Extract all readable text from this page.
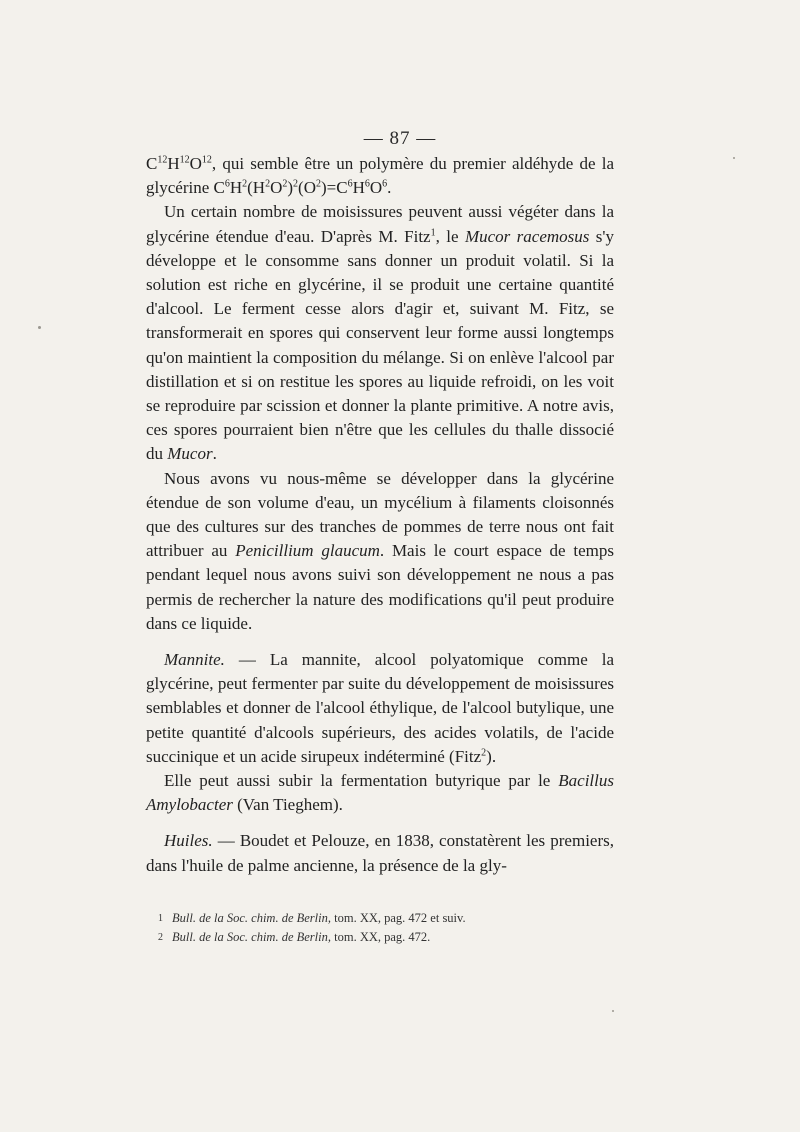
— 87 —

$C^{12}H^{12}O^{12}$, qui semble être un polymère du premier aldéhyde de la glycérine $C^6H^2(H^2O^2)^2(O^2)=C^6H^6O^6$.

Un certain nombre de moisissures peuvent aussi végéter dans la glycérine étendue d'eau. D'après M. Fitz$^1$, le Mucor racemosus s'y développe et le consomme sans donner un produit volatil. Si la solution est riche en glycérine, il se produit une certaine quantité d'alcool. Le ferment cesse alors d'agir et, suivant M. Fitz, se transformerait en spores qui conservent leur forme aussi longtemps qu'on maintient la composition du mélange. Si on enlève l'alcool par distillation et si on restitue les spores au liquide refroidi, on les voit se reproduire par scission et donner la plante primitive. A notre avis, ces spores pourraient bien n'être que les cellules du thalle dissocié du Mucor.

Nous avons vu nous-même se développer dans la glycérine étendue de son volume d'eau, un mycélium à filaments cloisonnés que des cultures sur des tranches de pommes de terre nous ont fait attribuer au Penicillium glaucum. Mais le court espace de temps pendant lequel nous avons suivi son développement ne nous a pas permis de rechercher la nature des modifications qu'il peut produire dans ce liquide.

Mannite. — La mannite, alcool polyatomique comme la glycérine, peut fermenter par suite du développement de moisissures semblables et donner de l'alcool éthylique, de l'alcool butylique, une petite quantité d'alcools supérieurs, des acides volatils, de l'acide succinique et un acide sirupeux indéterminé (Fitz$^2$).

Elle peut aussi subir la fermentation butyrique par le Bacillus Amylobacter (Van Tieghem).

Huiles. — Boudet et Pelouze, en 1838, constatèrent les premiers, dans l'huile de palme ancienne, la présence de la gly-

1 Bull. de la Soc. chim. de Berlin, tom. XX, pag. 472 et suiv.
2 Bull. de la Soc. chim. de Berlin, tom. XX, pag. 472.
